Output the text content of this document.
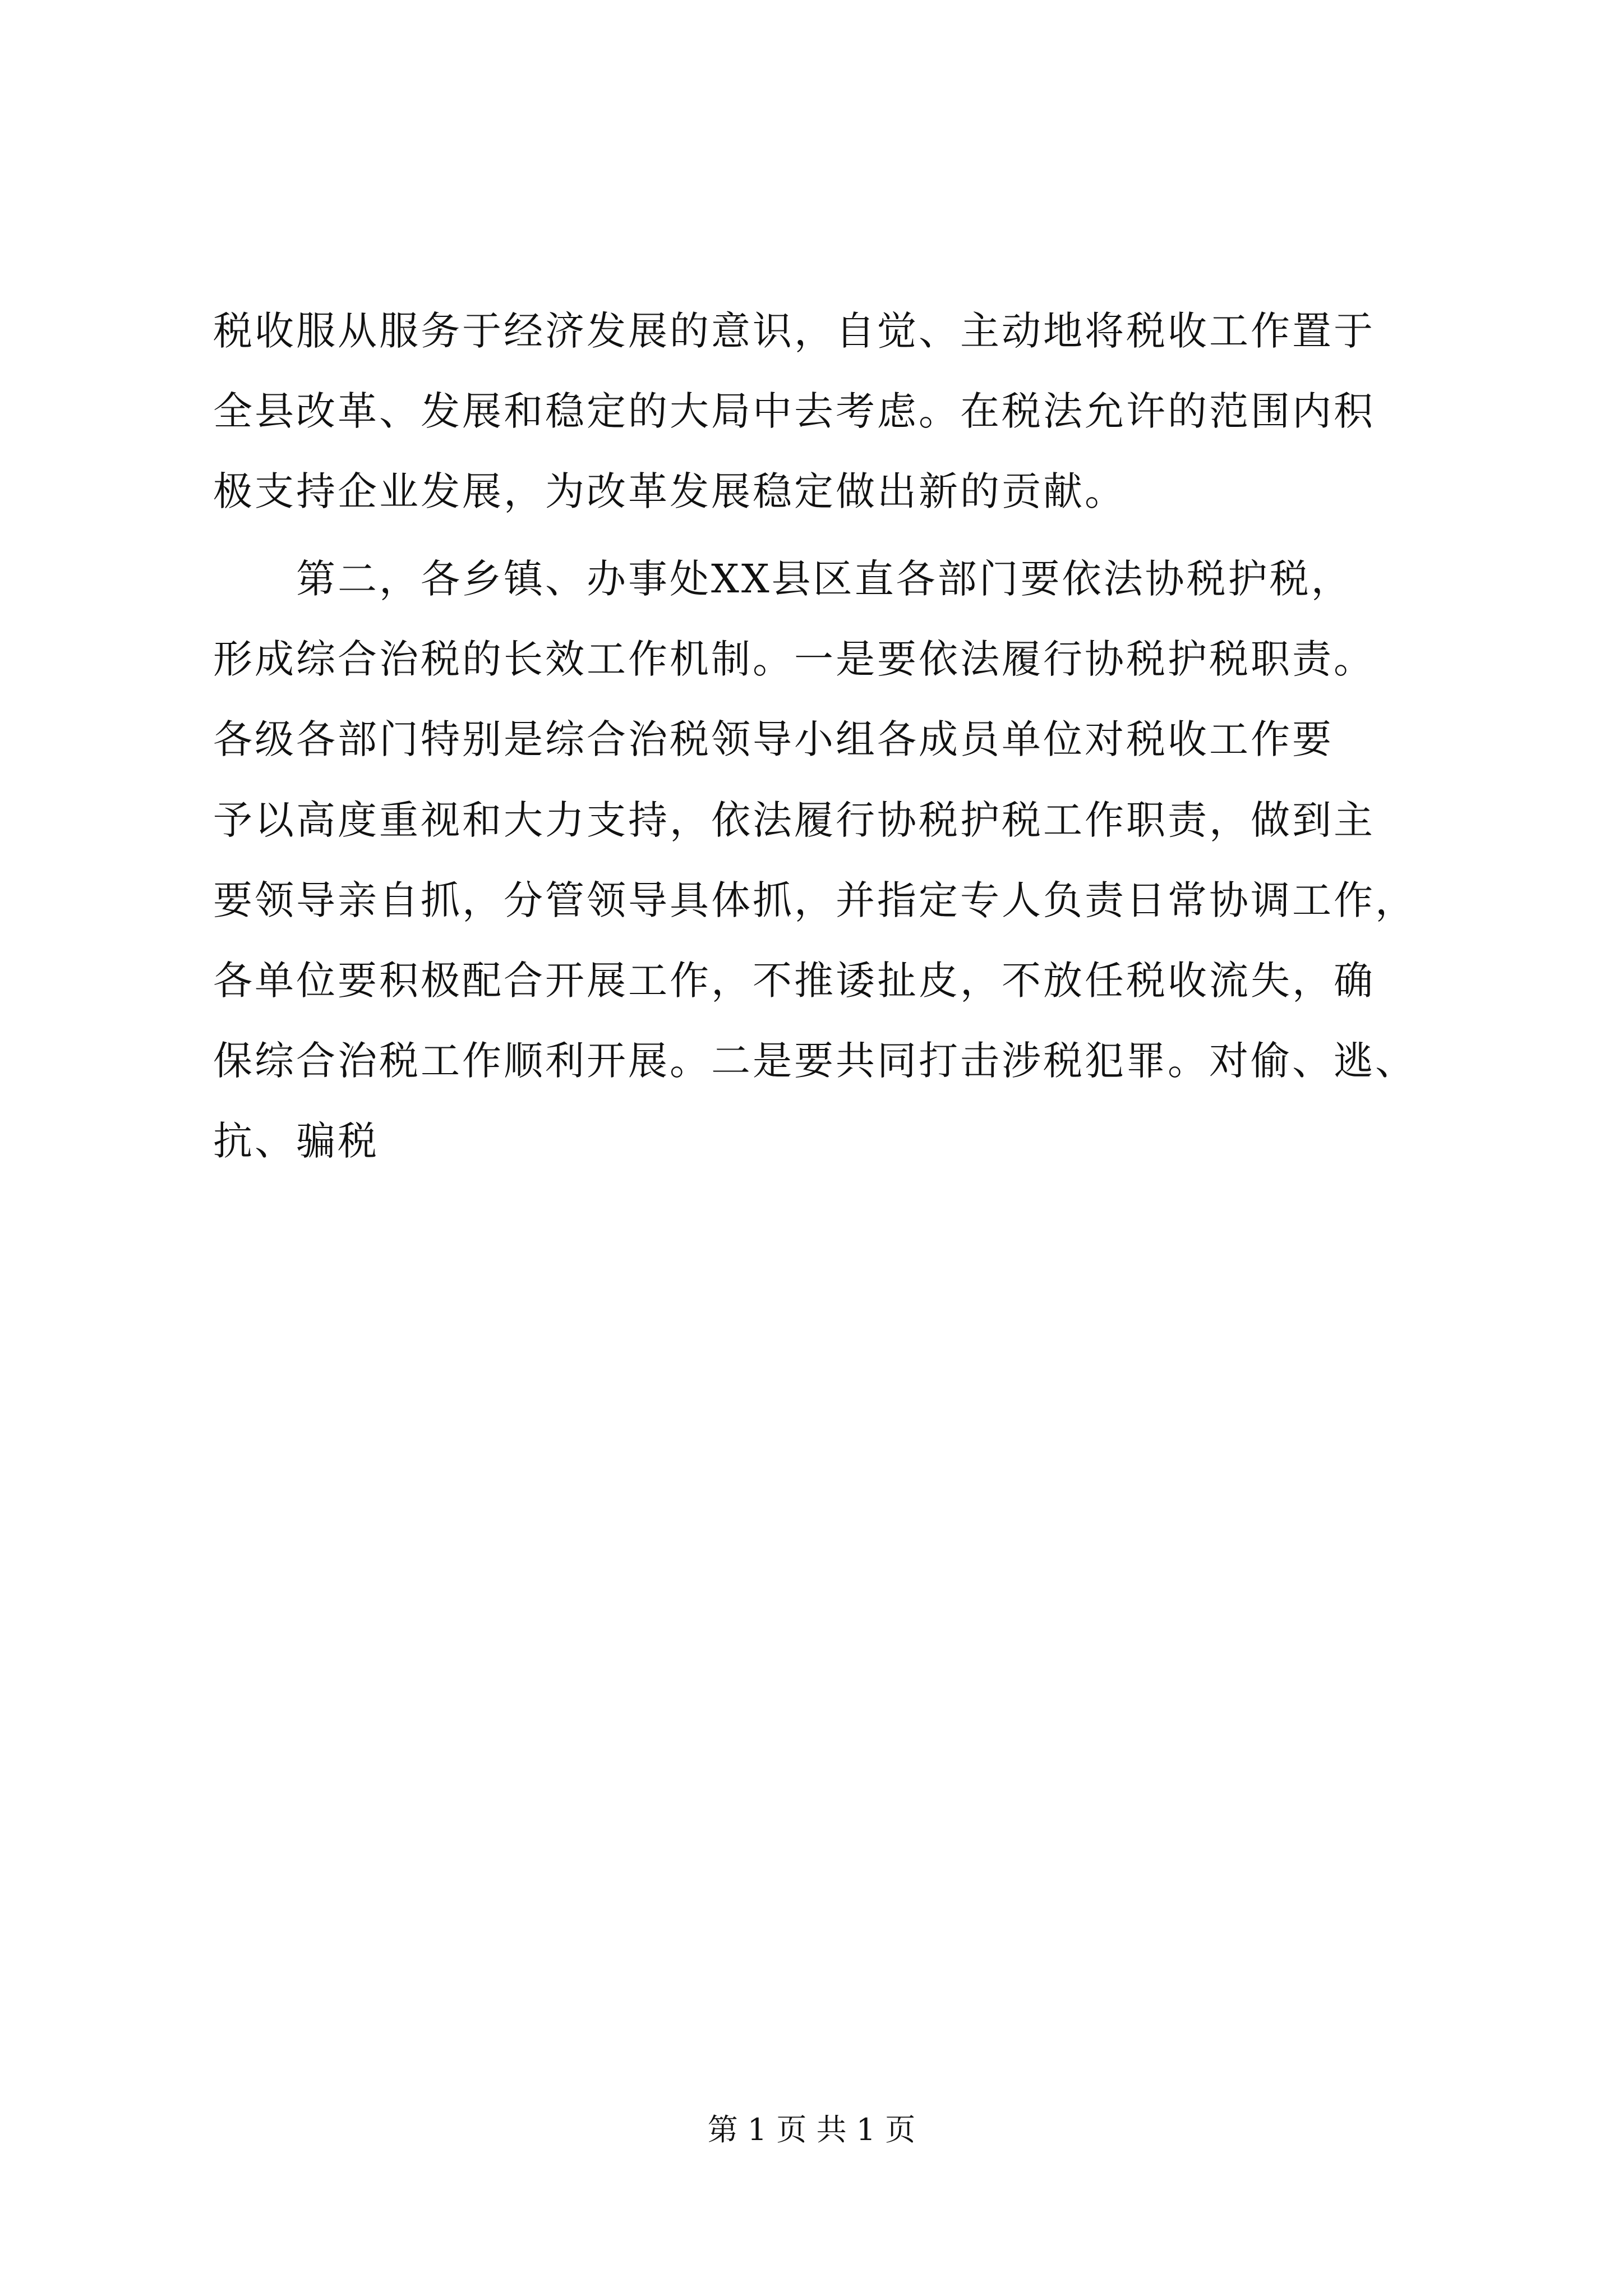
税收服从服务于经济发展的意识，自觉、主动地将税收工作置于
全县改革、发展和稳定的大局中去考虑。在税法允许的范围内积
极支持企业发展，为改革发展稳定做出新的贡献。
　　第二，各乡镇、办事处XX县区直各部门要依法协税护税，
形成综合治税的长效工作机制。一是要依法履行协税护税职责。
各级各部门特别是综合治税领导小组各成员单位对税收工作要
予以高度重视和大力支持，依法履行协税护税工作职责，做到主
要领导亲自抓，分管领导具体抓，并指定专人负责日常协调工作，
各单位要积极配合开展工作，不推诿扯皮，不放任税收流失，确
保综合治税工作顺利开展。二是要共同打击涉税犯罪。对偷、逃、
抗、骗税
第 1 页 共 1 页
